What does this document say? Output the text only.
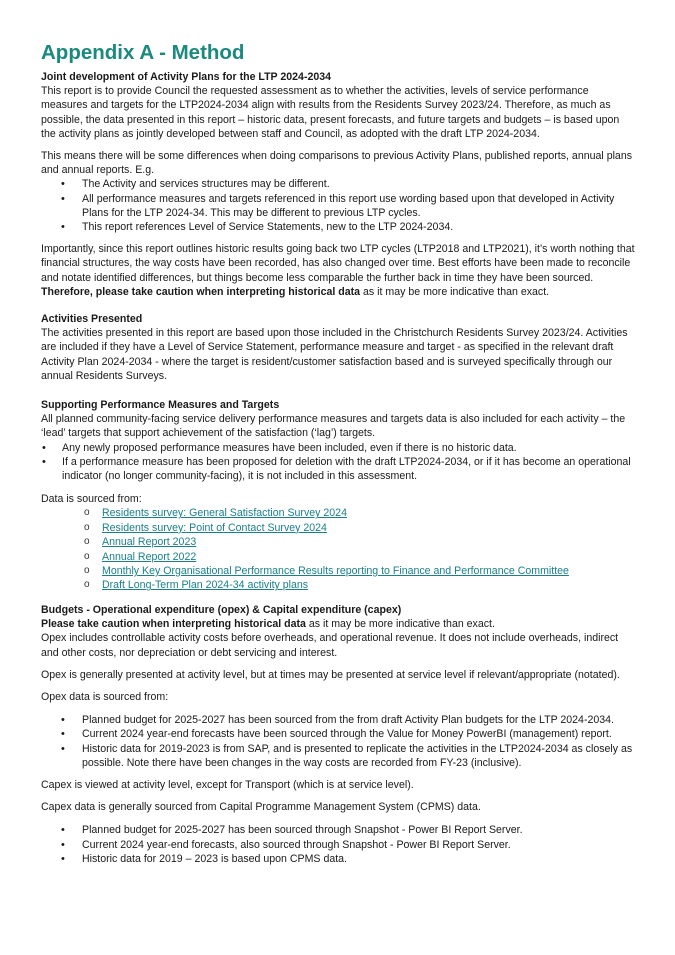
Appendix A - Method
Joint development of Activity Plans for the LTP 2024-2034

This report is to provide Council the requested assessment as to whether the activities, levels of service performance measures and targets for the LTP2024-2034 align with results from the Residents Survey 2023/24. Therefore, as much as possible, the data presented in this report – historic data, present forecasts, and future targets and budgets – is based upon the activity plans as jointly developed between staff and Council, as adopted with the draft LTP 2024-2034.

This means there will be some differences when doing comparisons to previous Activity Plans, published reports, annual plans and annual reports. E.g.

• The Activity and services structures may be different.
• All performance measures and targets referenced in this report use wording based upon that developed in Activity Plans for the LTP 2024-34. This may be different to previous LTP cycles.
• This report references Level of Service Statements, new to the LTP 2024-2034.

Importantly, since this report outlines historic results going back two LTP cycles (LTP2018 and LTP2021), it’s worth nothing that financial structures, the way costs have been recorded, has also changed over time. Best efforts have been made to reconcile and notate identified differences, but things become less comparable the further back in time they have been sourced.

Therefore, please take caution when interpreting historical data as it may be more indicative than exact.

Activities Presented

The activities presented in this report are based upon those included in the Christchurch Residents Survey 2023/24. Activities are included if they have a Level of Service Statement, performance measure and target - as specified in the relevant draft Activity Plan 2024-2034 - where the target is resident/customer satisfaction based and is surveyed specifically through our annual Residents Surveys.

Supporting Performance Measures and Targets

All planned community-facing service delivery performance measures and targets data is also included for each activity – the ‘lead’ targets that support achievement of the satisfaction (‘lag’) targets.

• Any newly proposed performance measures have been included, even if there is no historic data.
• If a performance measure has been proposed for deletion with the draft LTP2024-2034, or if it has become an operational indicator (no longer community-facing), it is not included in this assessment.

Data is sourced from:

o Residents survey: General Satisfaction Survey 2024
o Residents survey: Point of Contact Survey 2024
o Annual Report 2023
o Annual Report 2022
o Monthly Key Organisational Performance Results reporting to Finance and Performance Committee
o Draft Long-Term Plan 2024-34 activity plans
Budgets - Operational expenditure (opex) & Capital expenditure (capex)

Please take caution when interpreting historical data as it may be more indicative than exact.

Opex includes controllable activity costs before overheads, and operational revenue. It does not include overheads, indirect and other costs, nor depreciation or debt servicing and interest.

Opex is generally presented at activity level, but at times may be presented at service level if relevant/appropriate (notated).

Opex data is sourced from:

• Planned budget for 2025-2027 has been sourced from the from draft Activity Plan budgets for the LTP 2024-2034.
• Current 2024 year-end forecasts have been sourced through the Value for Money PowerBI (management) report.
• Historic data for 2019-2023 is from SAP, and is presented to replicate the activities in the LTP2024-2034 as closely as possible. Note there have been changes in the way costs are recorded from FY-23 (inclusive).

Capex is viewed at activity level, except for Transport (which is at service level).

Capex data is generally sourced from Capital Programme Management System (CPMS) data.

• Planned budget for 2025-2027 has been sourced through Snapshot - Power BI Report Server.
• Current 2024 year-end forecasts, also sourced through Snapshot - Power BI Report Server.
• Historic data for 2019 – 2023 is based upon CPMS data.
